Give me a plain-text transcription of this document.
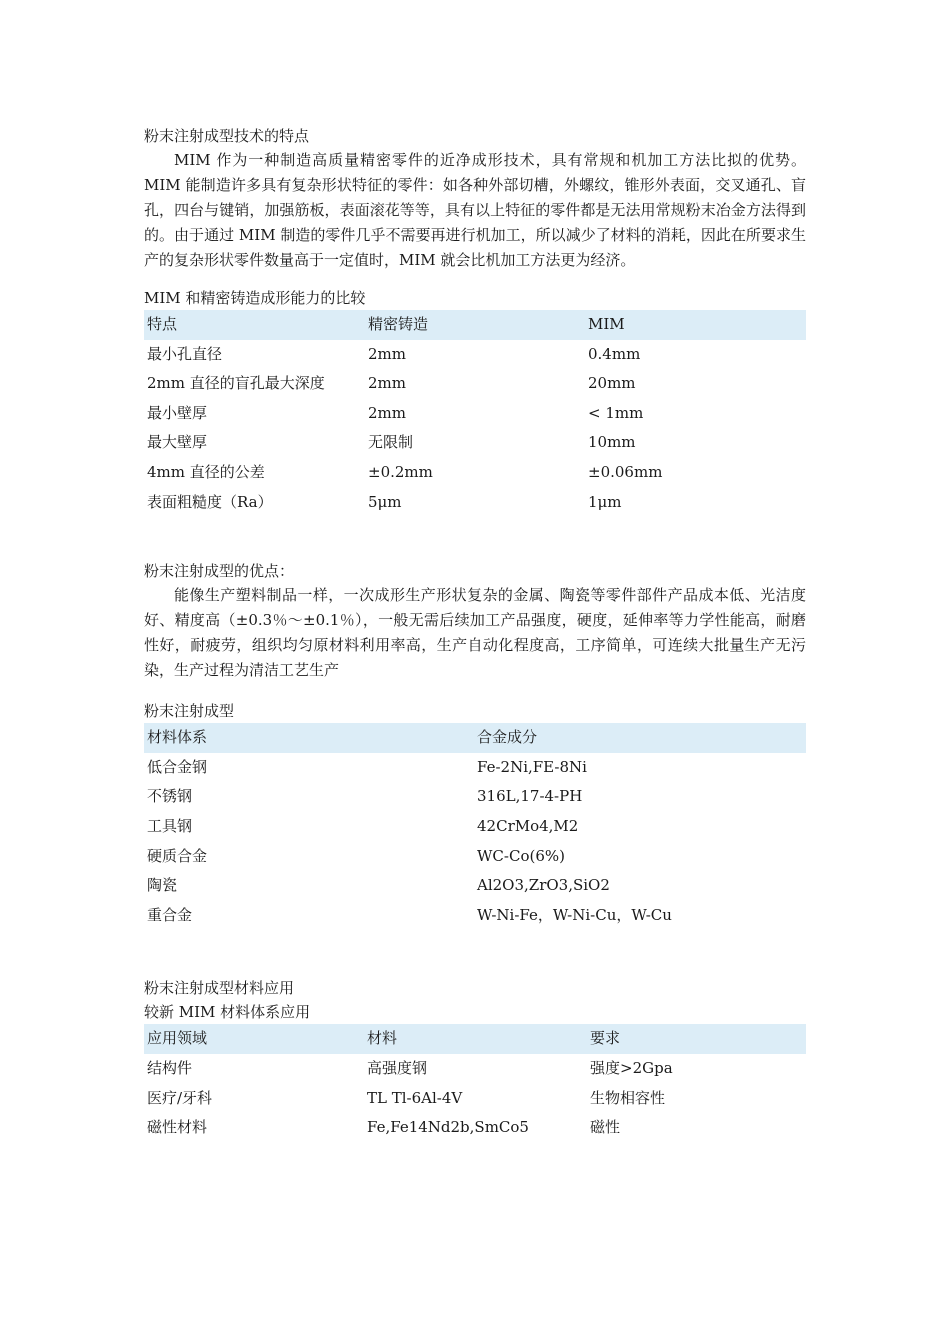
粉末注射成型技术的特点
MIM 作为一种制造高质量精密零件的近净成形技术，具有常规和机加工方法比拟的优势。MIM 能制造许多具有复杂形状特征的零件：如各种外部切槽，外螺纹，锥形外表面，交叉通孔、盲孔，四台与键销，加强筋板，表面滚花等等，具有以上特征的零件都是无法用常规粉末冶金方法得到的。由于通过 MIM 制造的零件几乎不需要再进行机加工，所以减少了材料的消耗，因此在所要求生产的复杂形状零件数量高于一定值时，MIM 就会比机加工方法更为经济。
MIM 和精密铸造成形能力的比较
特点	精密铸造	MIM
最小孔直径	2mm	0.4mm
2mm 直径的盲孔最大深度	2mm	20mm
最小壁厚	2mm	< 1mm
最大壁厚	无限制	10mm
4mm 直径的公差	±0.2mm	±0.06mm
表面粗糙度（Ra）	5μm	1μm
粉末注射成型的优点：
能像生产塑料制品一样，一次成形生产形状复杂的金属、陶瓷等零件部件产品成本低、光洁度好、精度高（±0.3％～±0.1％），一般无需后续加工产品强度，硬度，延伸率等力学性能高，耐磨性好，耐疲劳，组织均匀原材料利用率高，生产自动化程度高，工序简单，可连续大批量生产无污染，生产过程为清洁工艺生产
粉末注射成型
材料体系	合金成分
低合金钢	Fe-2Ni,FE-8Ni
不锈钢	316L,17-4-PH
工具钢	42CrMo4,M2
硬质合金	WC-Co(6%)
陶瓷	Al2O3,ZrO3,SiO2
重合金	W-Ni-Fe，W-Ni-Cu，W-Cu
粉末注射成型材料应用
较新 MIM 材料体系应用
应用领域	材料	要求
结构件	高强度钢	强度>2Gpa
医疗/牙科	TL Tl-6Al-4V	生物相容性
磁性材料	Fe,Fe14Nd2b,SmCo5	磁性
